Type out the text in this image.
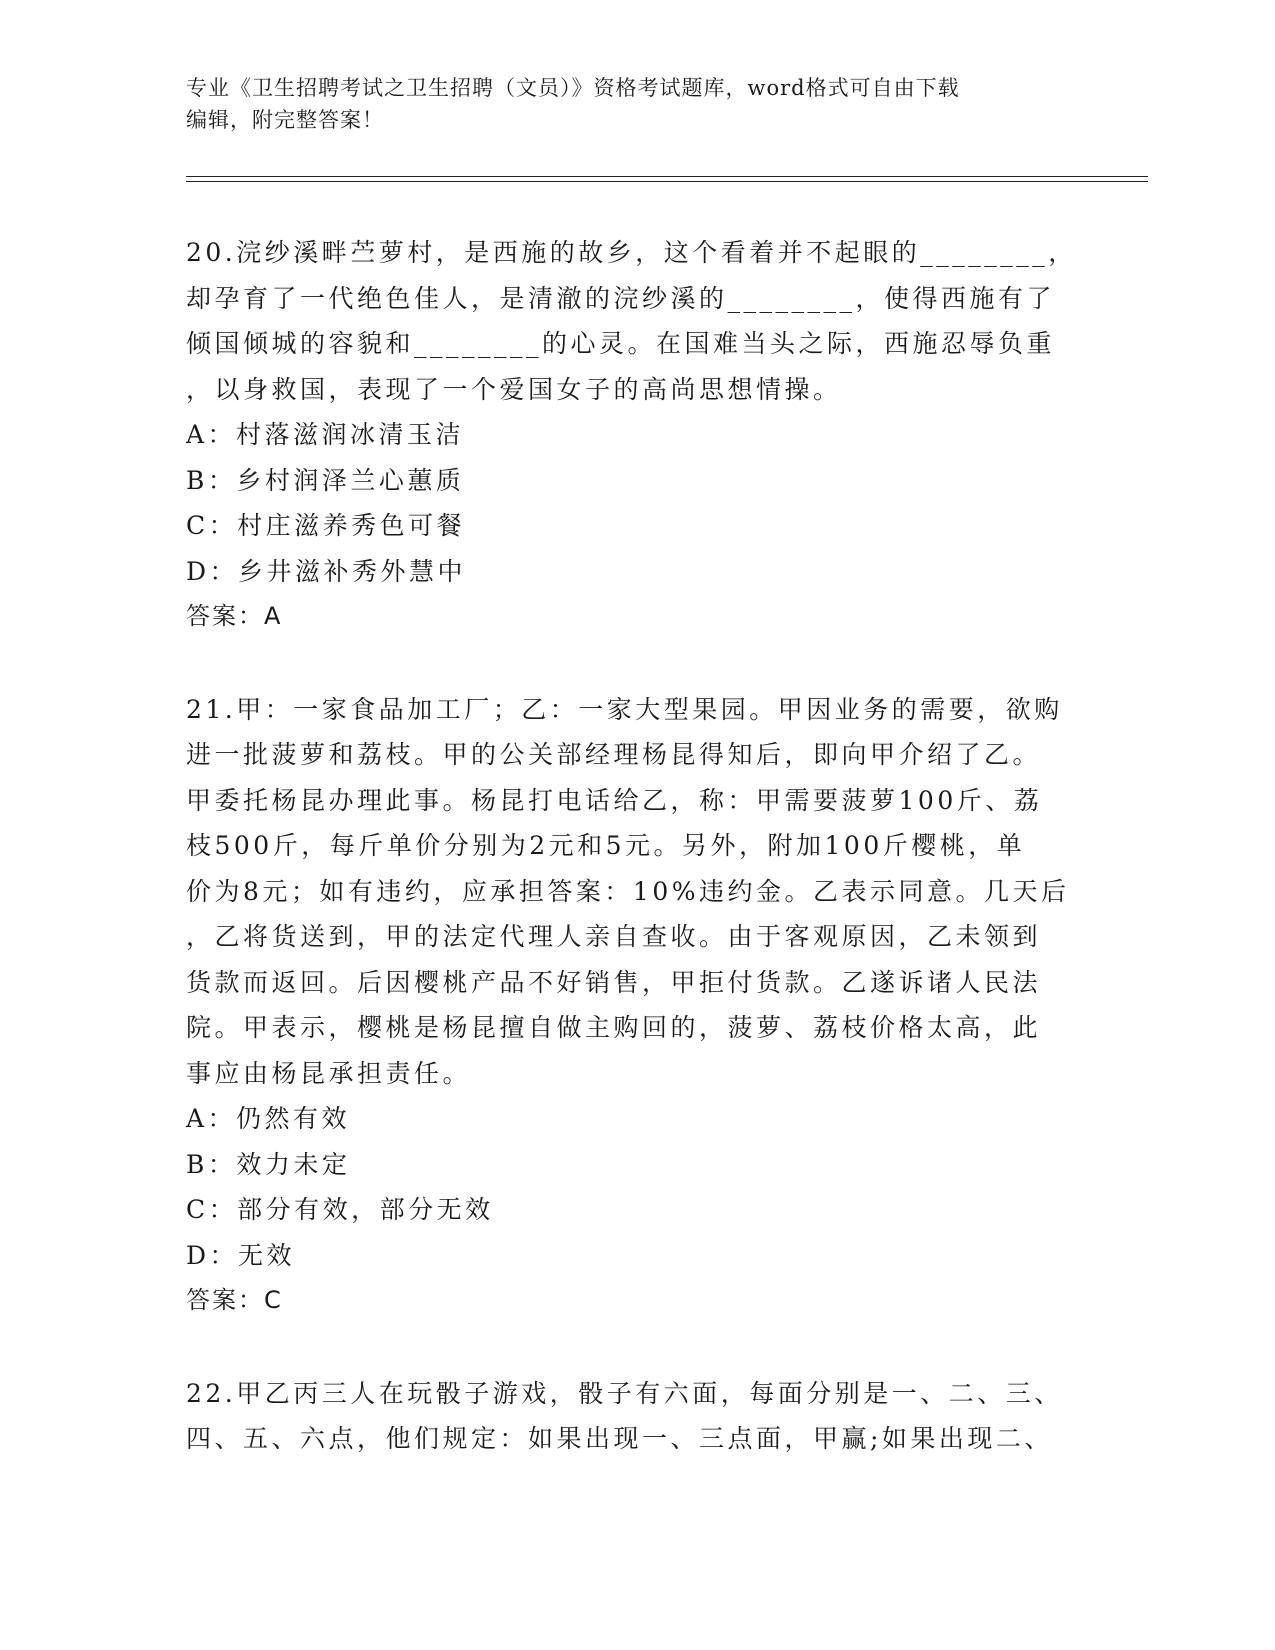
专业《卫生招聘考试之卫生招聘（文员）》资格考试题库，word格式可自由下载
编辑，附完整答案！
20.浣纱溪畔苎萝村，是西施的故乡，这个看着并不起眼的________，
却孕育了一代绝色佳人，是清澈的浣纱溪的________，使得西施有了
倾国倾城的容貌和________的心灵。在国难当头之际，西施忍辱负重
，以身救国，表现了一个爱国女子的高尚思想情操。
A：村落滋润冰清玉洁
B：乡村润泽兰心蕙质
C：村庄滋养秀色可餐
D：乡井滋补秀外慧中
答案：A
21.甲：一家食品加工厂；乙：一家大型果园。甲因业务的需要，欲购
进一批菠萝和荔枝。甲的公关部经理杨昆得知后，即向甲介绍了乙。
甲委托杨昆办理此事。杨昆打电话给乙，称：甲需要菠萝100斤、荔
枝500斤，每斤单价分别为2元和5元。另外，附加100斤樱桃，单
价为8元；如有违约，应承担答案：10%违约金。乙表示同意。几天后
，乙将货送到，甲的法定代理人亲自查收。由于客观原因，乙未领到
货款而返回。后因樱桃产品不好销售，甲拒付货款。乙遂诉诸人民法
院。甲表示，樱桃是杨昆擅自做主购回的，菠萝、荔枝价格太高，此
事应由杨昆承担责任。
A：仍然有效
B：效力未定
C：部分有效，部分无效
D：无效
答案：C
22.甲乙丙三人在玩骰子游戏，骰子有六面，每面分别是一、二、三、
四、五、六点，他们规定：如果出现一、三点面，甲赢;如果出现二、
